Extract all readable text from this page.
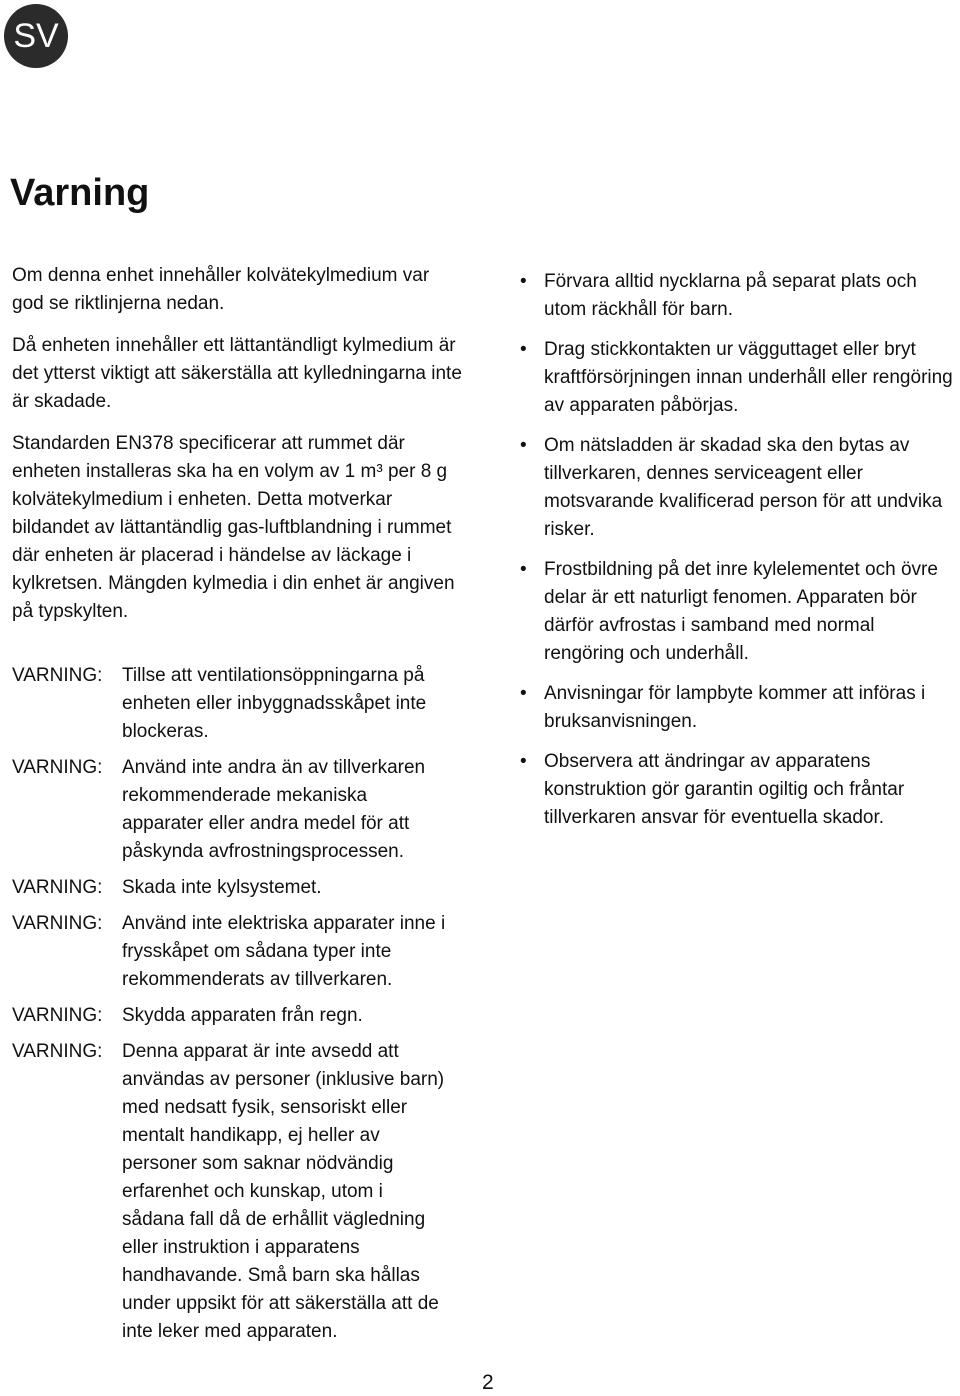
SV
Varning

Om denna enhet innehåller kolvätekylmedium var god se riktlinjerna nedan.

Då enheten innehåller ett lättantändligt kylmedium är det ytterst viktigt att säkerställa att kylledningarna inte är skadade.

Standarden EN378 specificerar att rummet där enheten installeras ska ha en volym av 1 m³ per 8 g kolvätekylmedium i enheten. Detta motverkar bildandet av lättantändlig gas-luftblandning i rummet där enheten är placerad i händelse av läckage i kylkretsen. Mängden kylmedia i din enhet är angiven på typskylten.

VARNING:	Tillse att ventilationsöppningarna på enheten eller inbyggnadsskåpet inte blockeras.
VARNING:	Använd inte andra än av tillverkaren rekommenderade mekaniska apparater eller andra medel för att påskynda avfrostningsprocessen.
VARNING:	Skada inte kylsystemet.
VARNING:	Använd inte elektriska apparater inne i frysskåpet om sådana typer inte rekommenderats av tillverkaren.
VARNING:	Skydda apparaten från regn.
VARNING:	Denna apparat är inte avsedd att användas av personer (inklusive barn) med nedsatt fysik, sensoriskt eller mentalt handikapp, ej heller av personer som saknar nödvändig erfarenhet och kunskap, utom i sådana fall då de erhållit vägledning eller instruktion i apparatens handhavande. Små barn ska hållas under uppsikt för att säkerställa att de inte leker med apparaten.
• Förvara alltid nycklarna på separat plats och utom räckhåll för barn.
• Drag stickkontakten ur vägguttaget eller bryt kraftförsörjningen innan underhåll eller rengöring av apparaten påbörjas.
• Om nätsladden är skadad ska den bytas av tillverkaren, dennes serviceagent eller motsvarande kvalificerad person för att undvika risker.
• Frostbildning på det inre kylelementet och övre delar är ett naturligt fenomen. Apparaten bör därför avfrostas i samband med normal rengöring och underhåll.
• Anvisningar för lampbyte kommer att införas i bruksanvisningen.
• Observera att ändringar av apparatens konstruktion gör garantin ogiltig och fråntar tillverkaren ansvar för eventuella skador.
2
